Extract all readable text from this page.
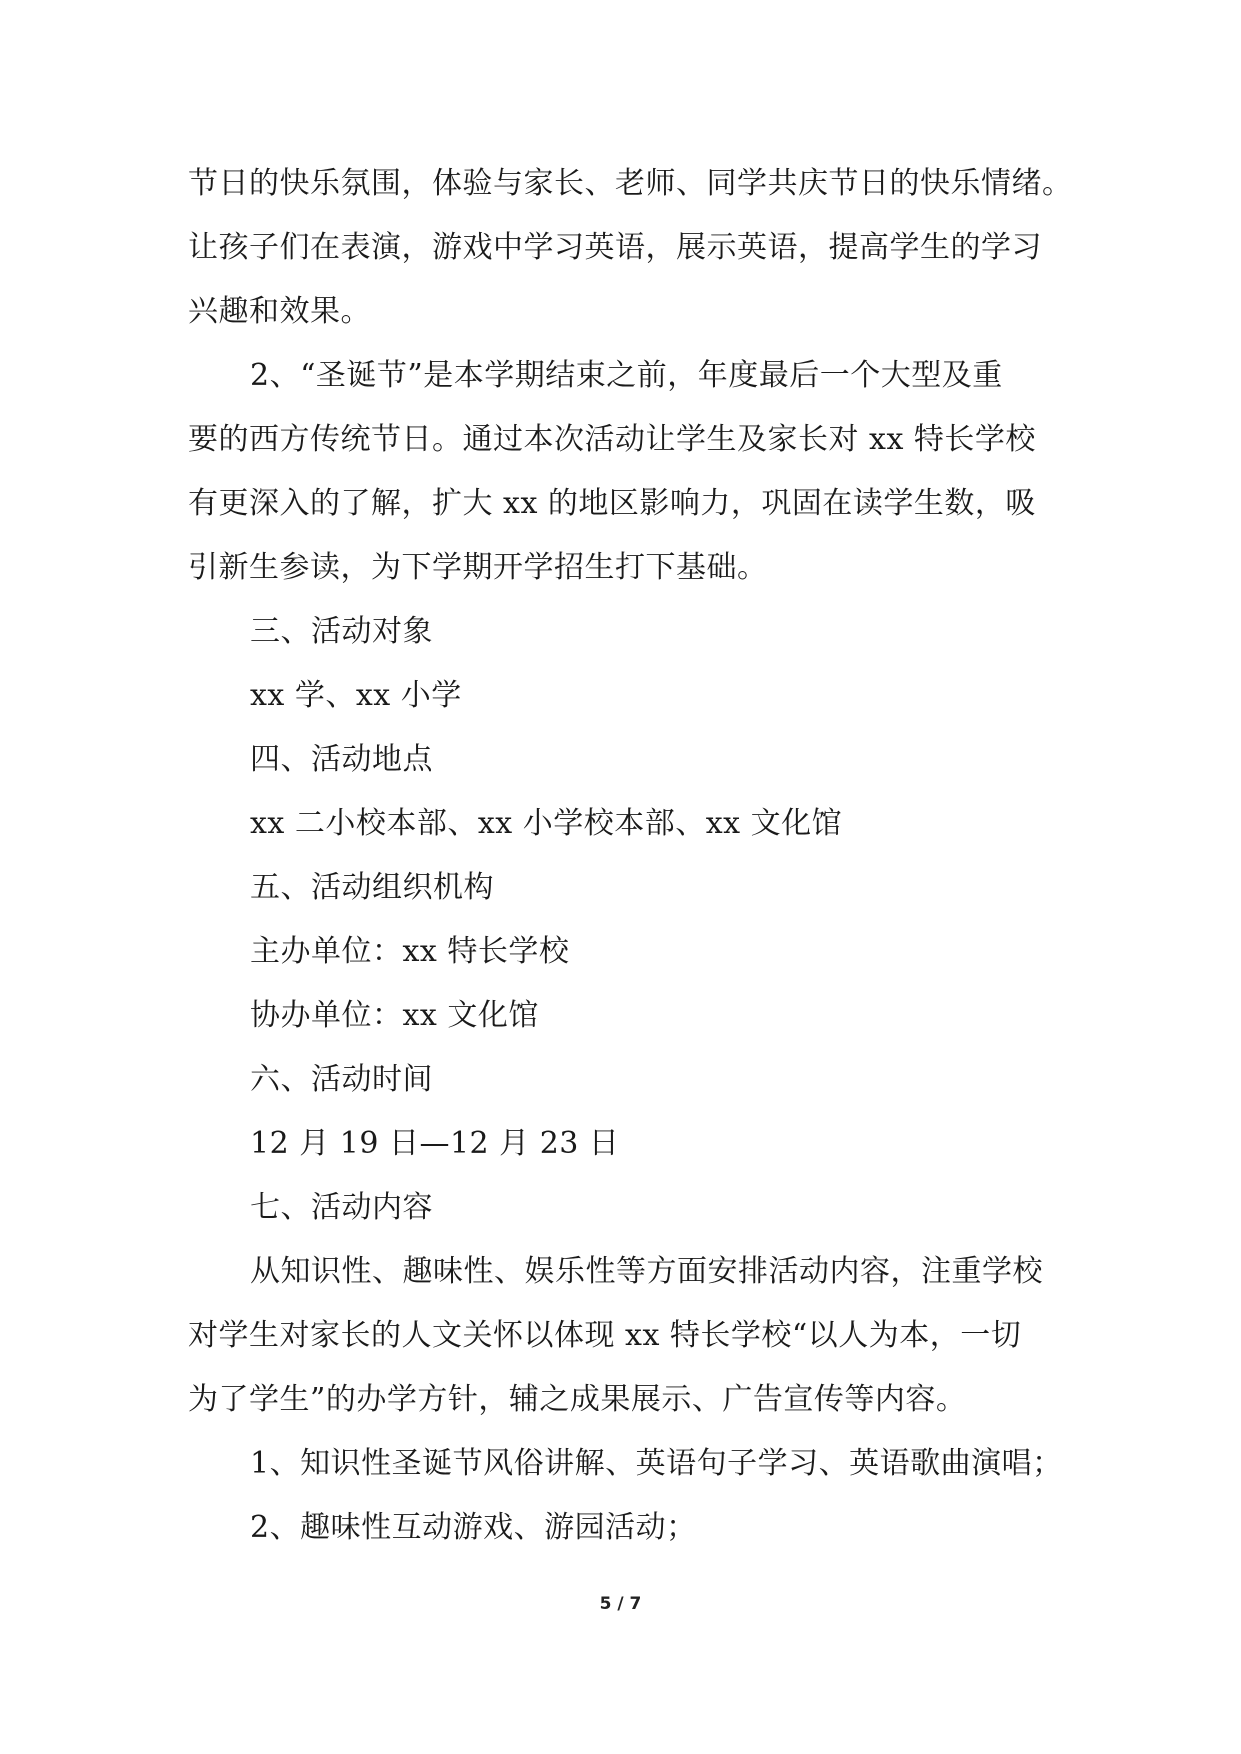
节日的快乐氛围，体验与家长、老师、同学共庆节日的快乐情绪。
让孩子们在表演，游戏中学习英语，展示英语，提高学生的学习
兴趣和效果。
2、“圣诞节”是本学期结束之前，年度最后一个大型及重
要的西方传统节日。通过本次活动让学生及家长对 xx 特长学校
有更深入的了解，扩大 xx 的地区影响力，巩固在读学生数，吸
引新生参读，为下学期开学招生打下基础。
三、活动对象
xx 学、xx 小学
四、活动地点
xx 二小校本部、xx 小学校本部、xx 文化馆
五、活动组织机构
主办单位：xx 特长学校
协办单位：xx 文化馆
六、活动时间
12 月 19 日—12 月 23 日
七、活动内容
从知识性、趣味性、娱乐性等方面安排活动内容，注重学校
对学生对家长的人文关怀以体现 xx 特长学校“以人为本，一切
为了学生”的办学方针，辅之成果展示、广告宣传等内容。
1、知识性圣诞节风俗讲解、英语句子学习、英语歌曲演唱；
2、趣味性互动游戏、游园活动；
5 / 7
